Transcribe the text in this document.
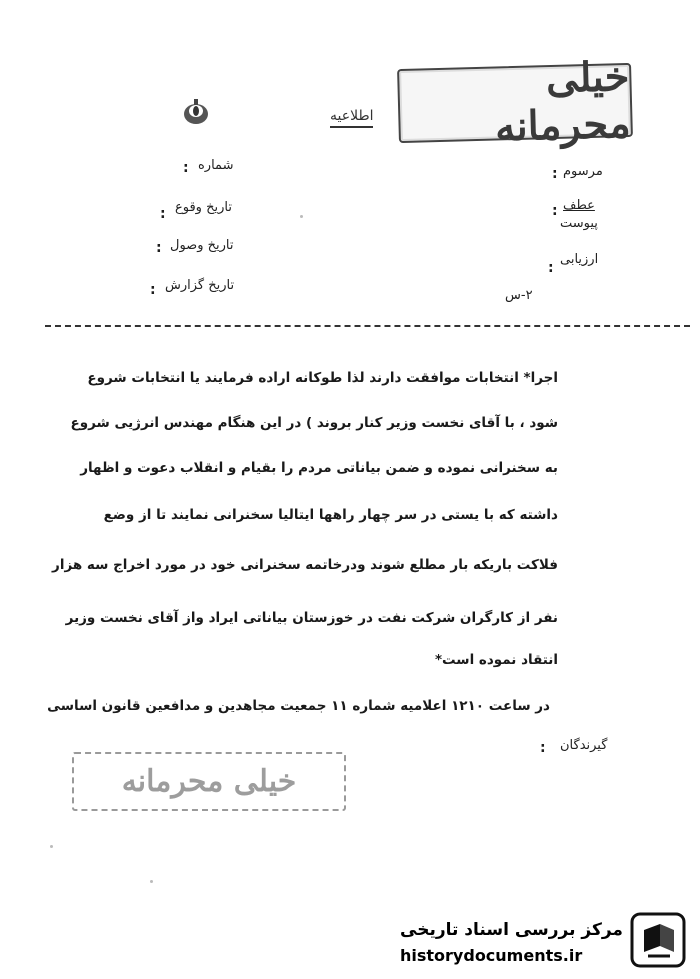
خیلی محرمانه
اطلاعیه
مرسوم
:
عطف
پیوست
:
ارزیابی
:
۲-س
شماره
:
تاریخ وقوع
:
تاریخ وصول
:
تاریخ گزارش
:
اجرا* انتخابات موافقت دارند لذا طوکانه اراده فرمایند یا انتخابات شروع
شود ، با آقای نخست وزیر کنار بروند ) در این هنگام مهندس انرژیی شروع
به سخنرانی نموده و ضمن بیاناتی مردم را بقیام و انقلاب دعوت و اظهار
داشته که با یستی در سر چهار راهها ایتالیا سخنرانی نمایند تا از وضع
فلاکت باریکه بار مطلع شوند ودرخاتمه سخنرانی خود در مورد اخراج سه هزار
نفر از کارگران شرکت نفت در خوزستان بیاناتی ایراد واز آقای نخست وزیر
انتقاد نموده است*
در ساعت ۱۲۱۰ اعلامیه شماره ۱۱ جمعیت مجاهدین و مدافعین قانون اساسی
گیرندگان
:
خیلی محرمانه
مرکز بررسی اسناد تاریخی
historydocuments.ir
